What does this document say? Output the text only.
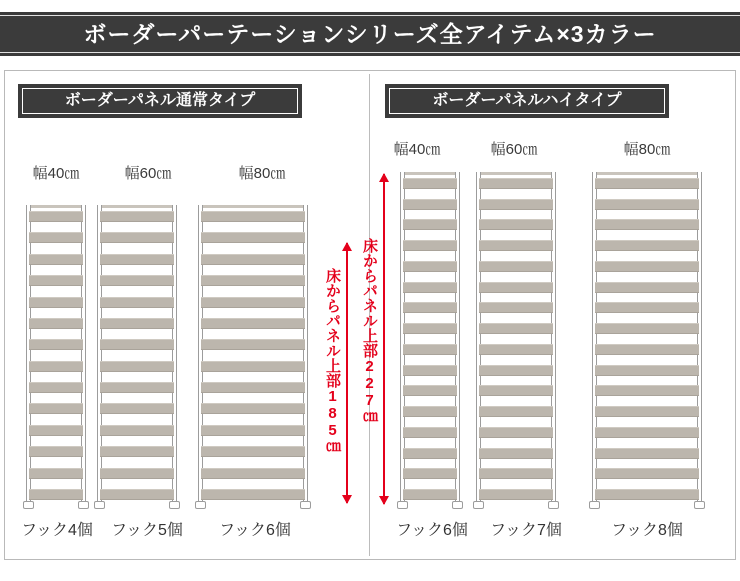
ボーダーパーテーションシリーズ全アイテム×3カラー
ボーダーパネル通常タイプ	ボーダーパネルハイタイプ
幅40㎝	幅60㎝	幅80㎝
床からパネル上部185㎝
フック4個	フック5個	フック6個
幅40㎝	幅60㎝	幅80㎝
床からパネル上部227㎝
フック6個	フック7個	フック8個
